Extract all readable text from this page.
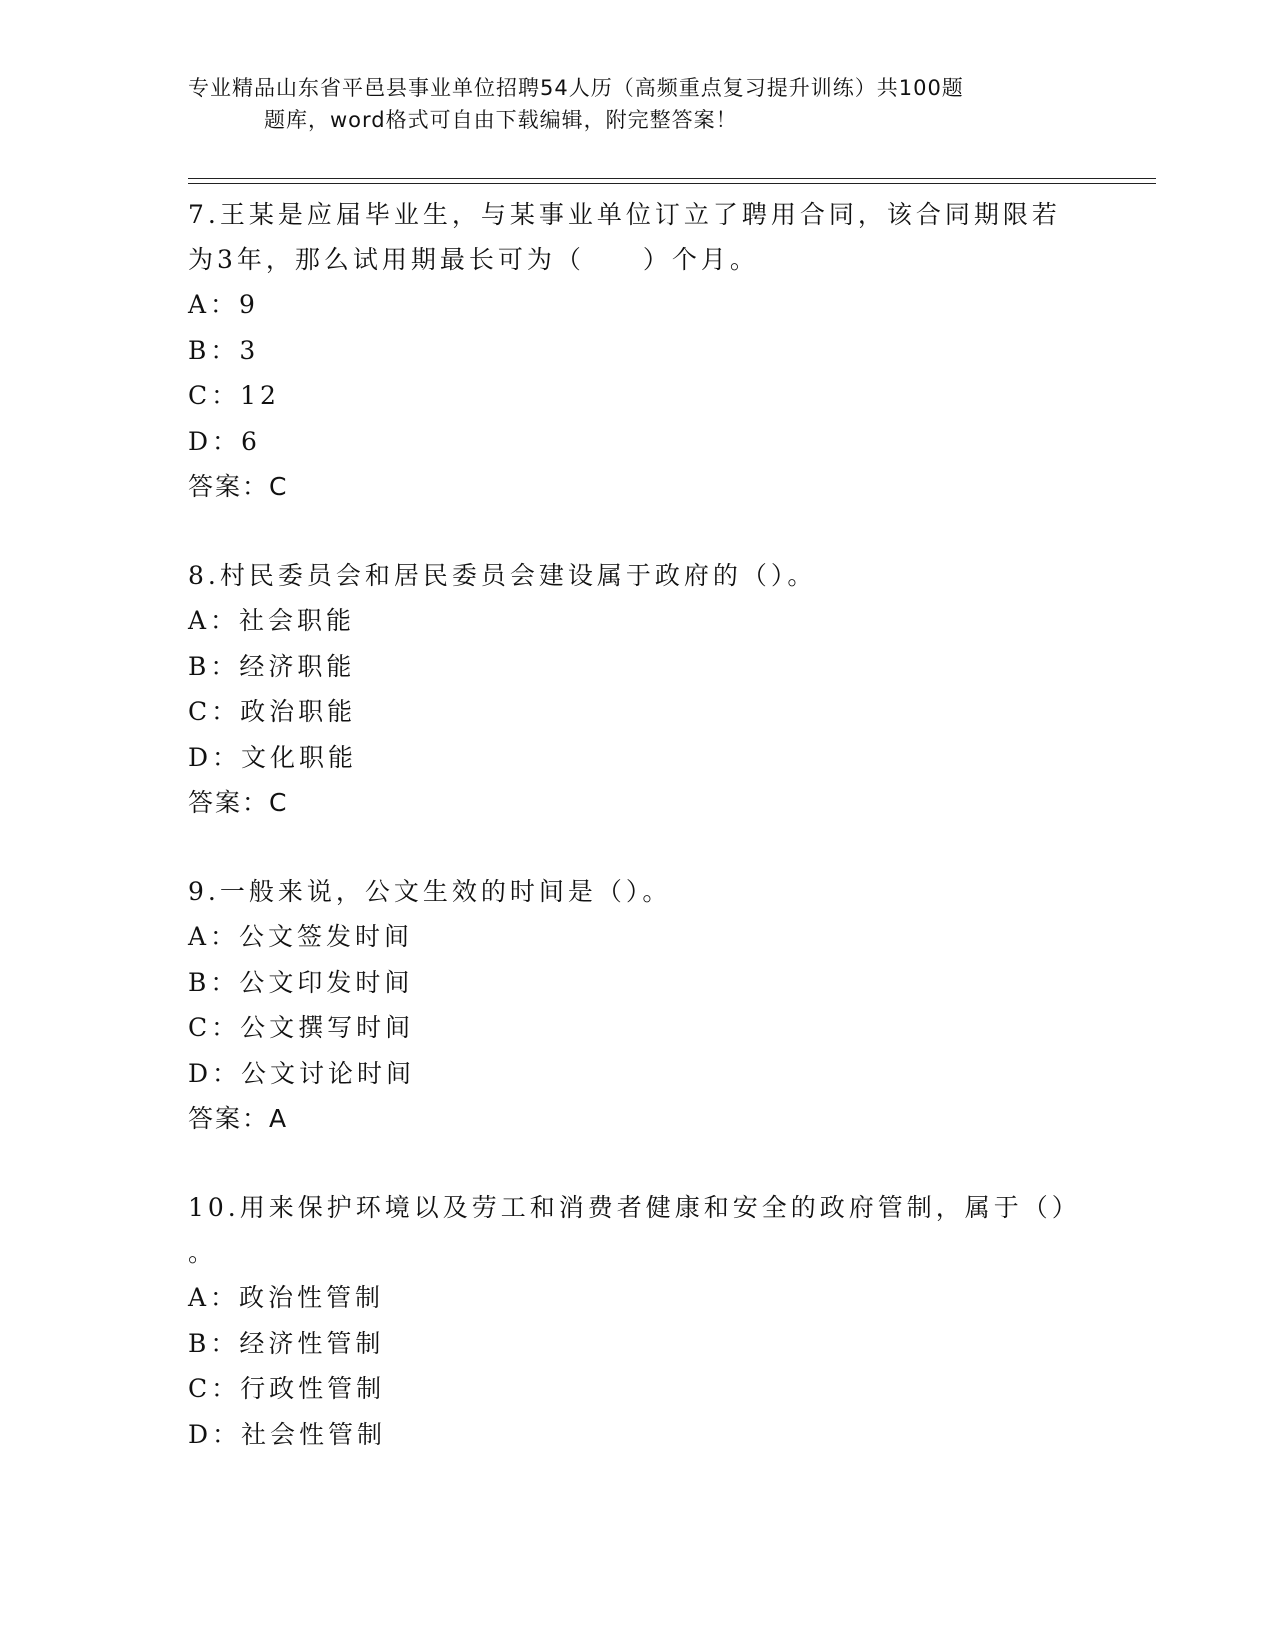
专业精品山东省平邑县事业单位招聘54人历（高频重点复习提升训练）共100题

题库，word格式可自由下载编辑，附完整答案！

7.王某是应届毕业生，与某事业单位订立了聘用合同，该合同期限若

为3年，那么试用期最长可为（　　）个月。

A：9

B：3

C：12

D：6

答案：C

8.村民委员会和居民委员会建设属于政府的（）。

A：社会职能

B：经济职能

C：政治职能

D：文化职能

答案：C

9.一般来说，公文生效的时间是（）。

A：公文签发时间

B：公文印发时间

C：公文撰写时间

D：公文讨论时间

答案：A

10.用来保护环境以及劳工和消费者健康和安全的政府管制，属于（）

。

A：政治性管制

B：经济性管制

C：行政性管制

D：社会性管制
